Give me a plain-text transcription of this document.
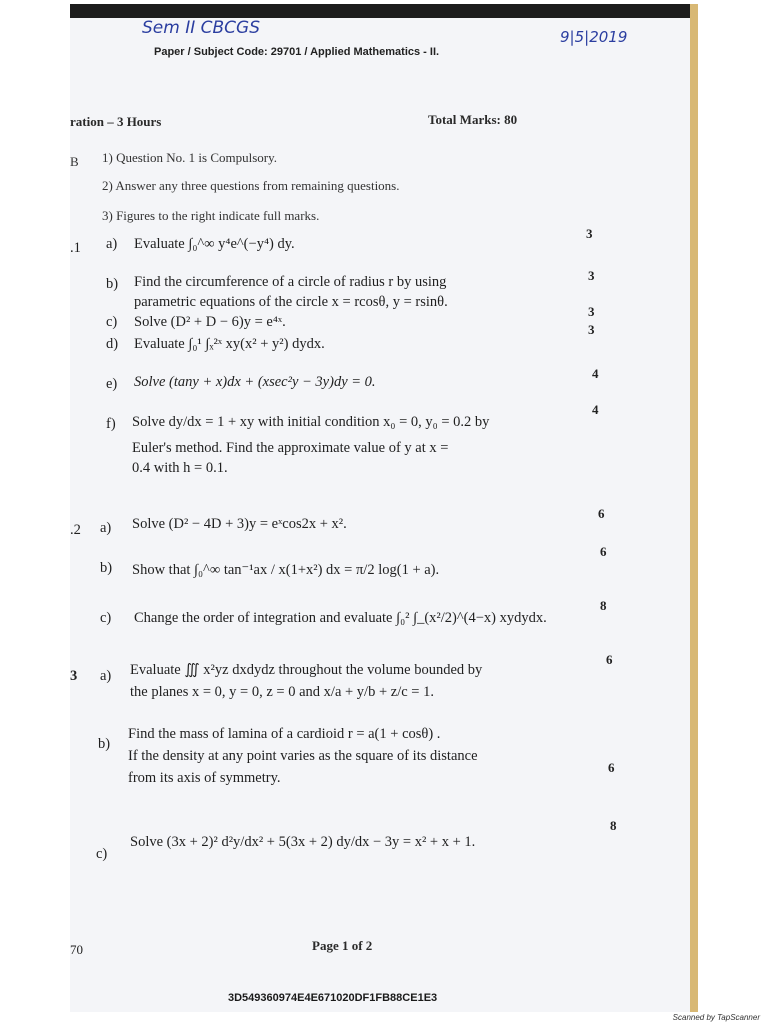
Sem II CBCGS	9|5|2019
Paper / Subject Code: 29701 / Applied Mathematics - II.
ration – 3 Hours	Total Marks: 80
B 1) Question No. 1 is Compulsory.
2) Answer any three questions from remaining questions.
3) Figures to the right indicate full marks.
.1 a) Evaluate ∫₀^∞ y⁴e^(−y⁴) dy.
3
b) Find the circumference of a circle of radius r by using
parametric equations of the circle x = rcosθ, y = rsinθ.
3
c) Solve (D² + D − 6)y = e⁴ˣ.
3
d) Evaluate ∫₀¹ ∫ₓ²ˣ xy(x² + y²) dydx.
3
e) Solve (tany + x)dx + (xsec²y − 3y)dy = 0.
4
f) Solve dy/dx = 1 + xy with initial condition x₀ = 0, y₀ = 0.2 by
Euler's method. Find the approximate value of y at x =
0.4 with h = 0.1.
4
.2 a) Solve (D² − 4D + 3)y = eˣcos2x + x².
6
b) Show that ∫₀^∞ tan⁻¹ax / x(1+x²) dx = π/2 log(1 + a).
6
c) Change the order of integration and evaluate ∫₀² ∫_(x²/2)^(4−x) xydydx.
8
3 a) Evaluate ∭ x²yz dxdydz throughout the volume bounded by
the planes x = 0, y = 0, z = 0 and x/a + y/b + z/c = 1.
6
b)
Find the mass of lamina of a cardioid r = a(1 + cosθ) .
If the density at any point varies as the square of its distance
from its axis of symmetry.
6
c)
Solve (3x + 2)² d²y/dx² + 5(3x + 2) dy/dx − 3y = x² + x + 1.
8
70	Page 1 of 2
3D549360974E4E671020DF1FB88CE1E3
Scanned by TapScanner
